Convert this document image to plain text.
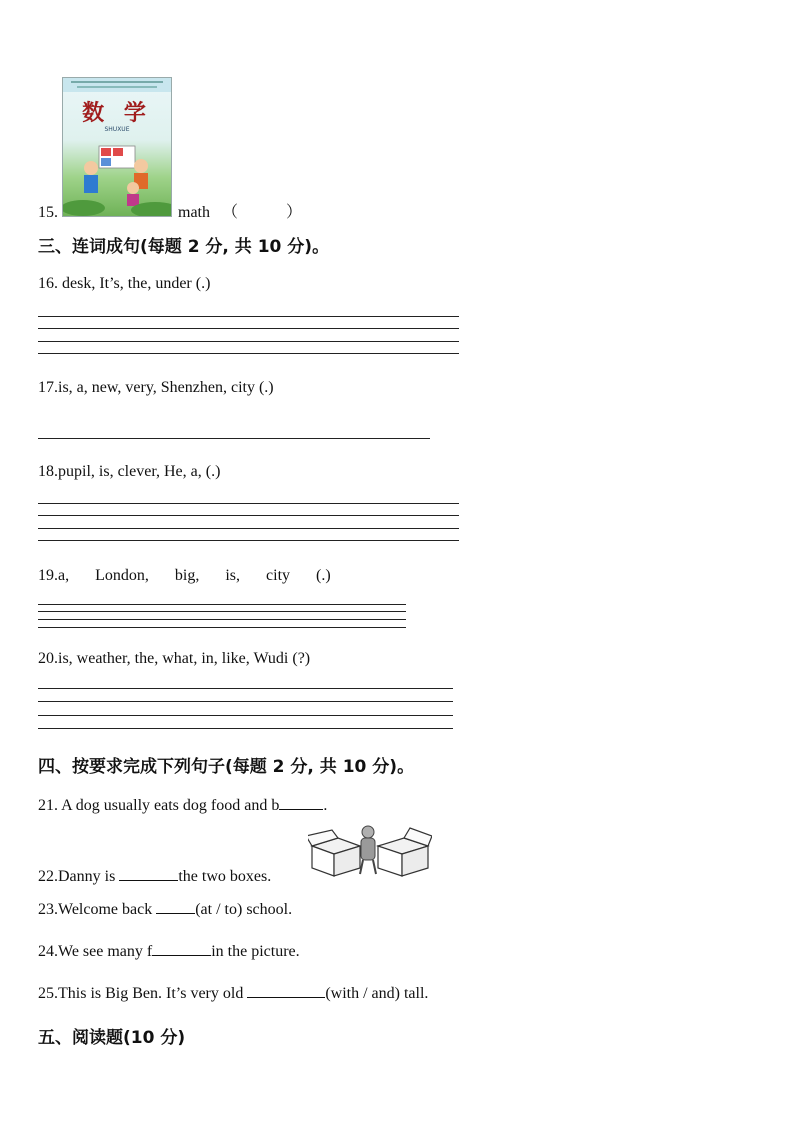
数 学
SHUXUE
15.	math （　　　）
三、连词成句(每题 2 分, 共 10 分)。
16. desk, It’s, the, under (.)
17.is, a, new, very, Shenzhen, city (.)
18.pupil, is, clever, He, a, (.)
19.a, London, big, is, city (.)
20.is, weather, the, what, in, like, Wudi (?)
四、按要求完成下列句子(每题 2 分, 共 10 分)。
21. A dog usually eats dog food and b	.
22.Danny is	the two boxes.
23.Welcome back (at / to) school.
24.We see many f	in the picture.
25.This is Big Ben. It’s very old	(with / and) tall.
五、阅读题(10 分)
